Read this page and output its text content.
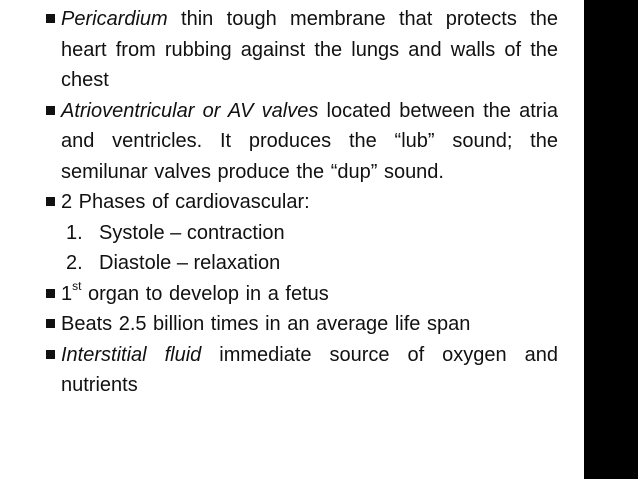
Pericardium thin tough membrane that protects the heart from rubbing against the lungs and walls of the chest
Atrioventricular or AV valves located between the atria and ventricles. It produces the “lub” sound; the semilunar valves produce the “dup” sound.
2 Phases of cardiovascular:
1. Systole – contraction
2. Diastole – relaxation
1st organ to develop in a fetus
Beats 2.5 billion times in an average life span
Interstitial fluid immediate source of oxygen and nutrients
